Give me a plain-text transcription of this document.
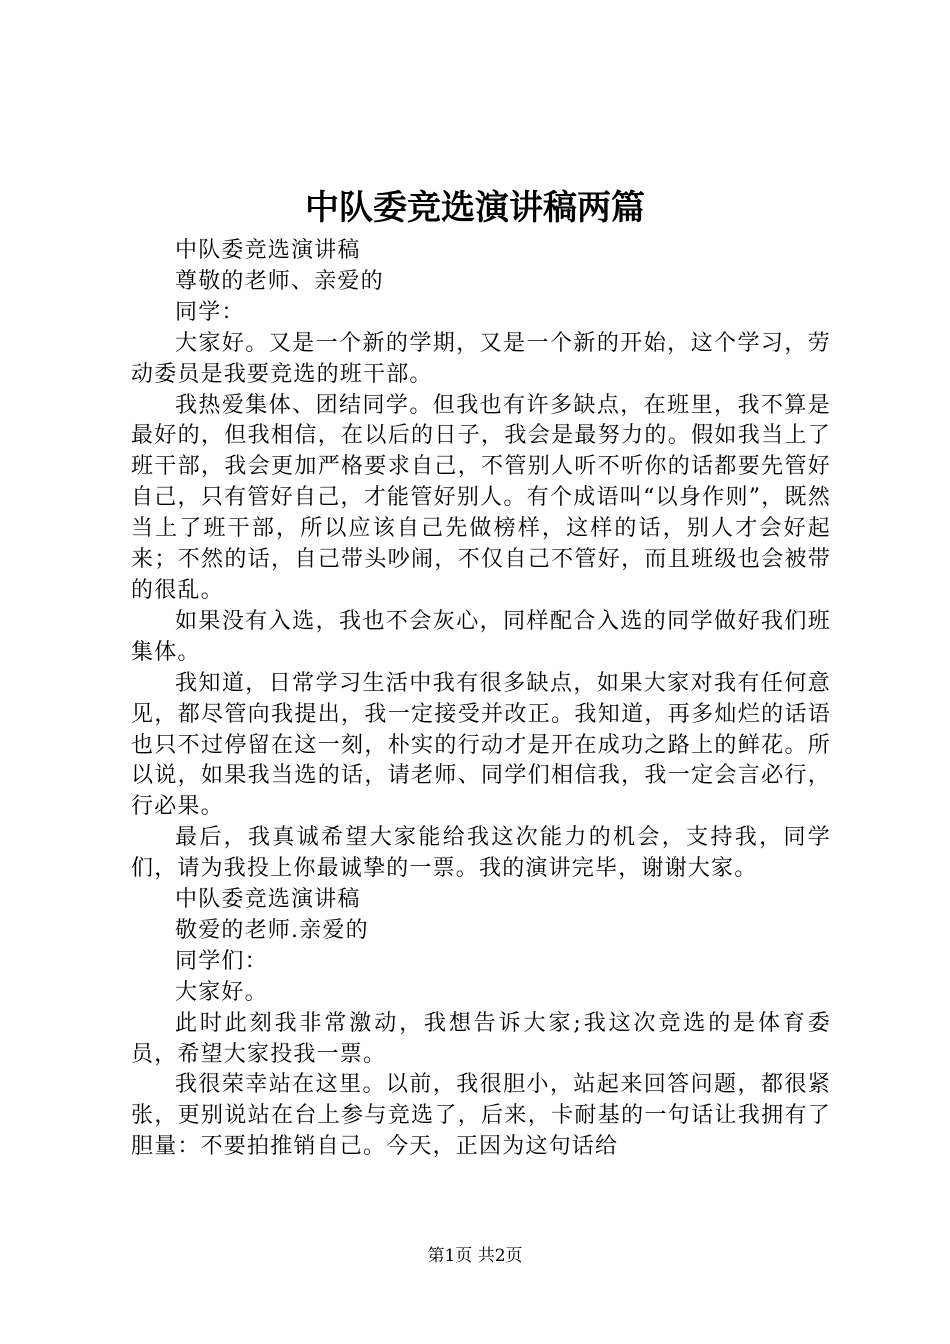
中队委竞选演讲稿两篇

中队委竞选演讲稿

尊敬的老师、亲爱的

同学：

大家好。又是一个新的学期，又是一个新的开始，这个学习，劳动委员是我要竞选的班干部。

我热爱集体、团结同学。但我也有许多缺点，在班里，我不算是最好的，但我相信，在以后的日子，我会是最努力的。假如我当上了班干部，我会更加严格要求自己，不管别人听不听你的话都要先管好自己，只有管好自己，才能管好别人。有个成语叫“以身作则”，既然当上了班干部，所以应该自己先做榜样，这样的话，别人才会好起来；不然的话，自己带头吵闹，不仅自己不管好，而且班级也会被带的很乱。

如果没有入选，我也不会灰心，同样配合入选的同学做好我们班集体。

我知道，日常学习生活中我有很多缺点，如果大家对我有任何意见，都尽管向我提出，我一定接受并改正。我知道，再多灿烂的话语也只不过停留在这一刻，朴实的行动才是开在成功之路上的鲜花。所以说，如果我当选的话，请老师、同学们相信我，我一定会言必行，行必果。

最后，我真诚希望大家能给我这次能力的机会，支持我，同学们，请为我投上你最诚挚的一票。我的演讲完毕，谢谢大家。

中队委竞选演讲稿

敬爱的老师.亲爱的

同学们：

大家好。

此时此刻我非常激动，我想告诉大家;我这次竞选的是体育委员，希望大家投我一票。

我很荣幸站在这里。以前，我很胆小，站起来回答问题，都很紧张，更别说站在台上参与竞选了，后来，卡耐基的一句话让我拥有了胆量：不要拍推销自己。今天，正因为这句话给

第1页 共2页
